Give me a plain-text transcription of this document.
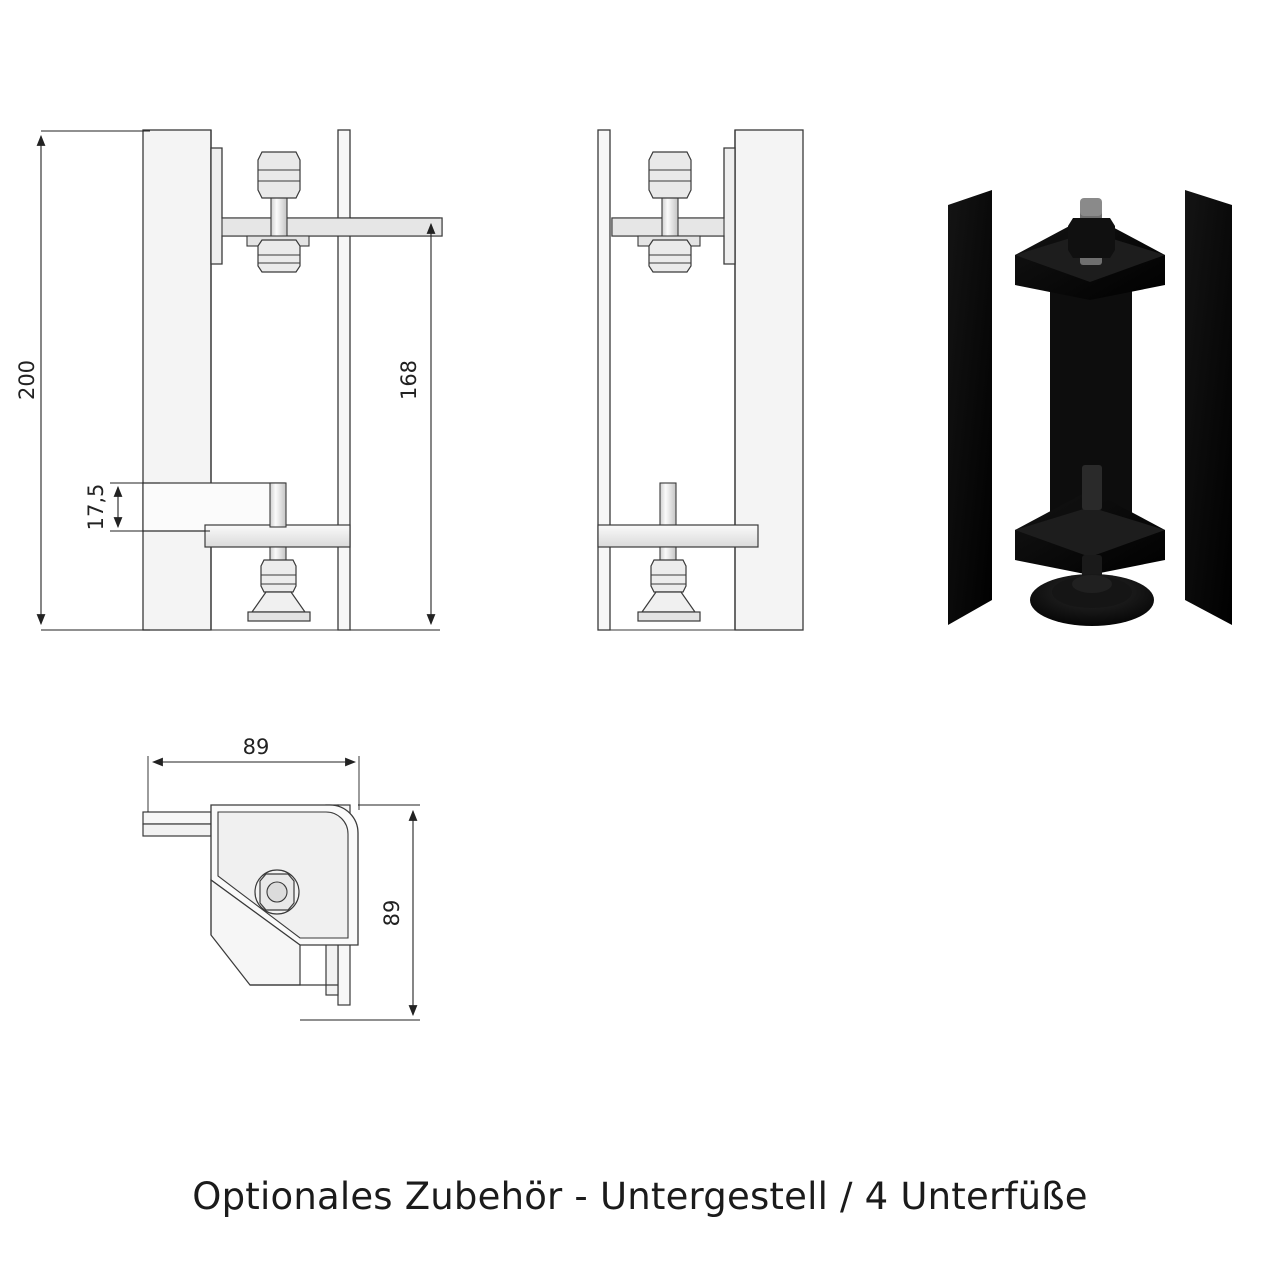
200	168
17,5
89
89
Optionales Zubehör - Untergestell / 4 Unterfüße
